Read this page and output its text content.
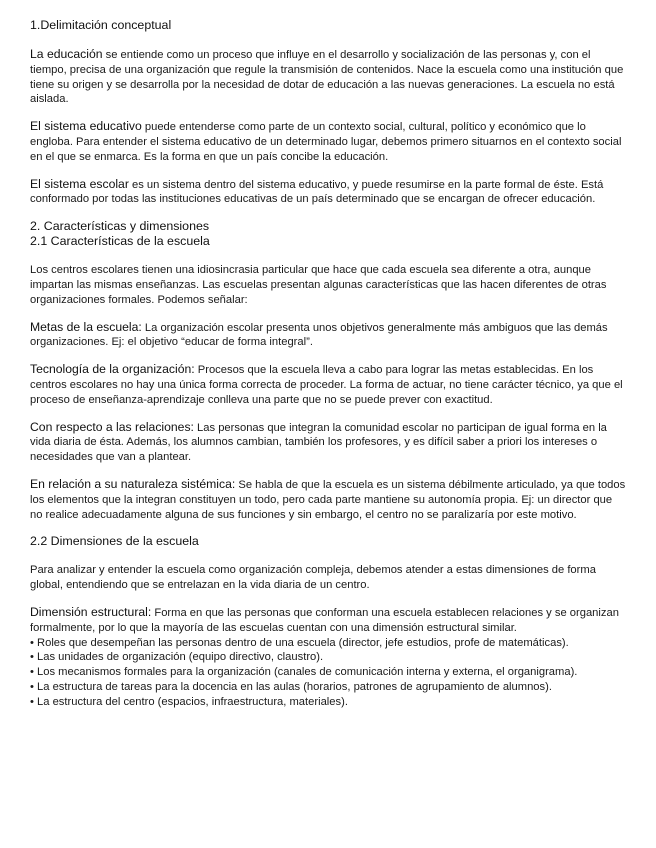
1.Delimitación conceptual

La educación se entiende como un proceso que influye en el desarrollo y socialización de las personas y, con el tiempo, precisa de una organización que regule la transmisión de contenidos. Nace la escuela como una institución que tiene su origen y se desarrolla por la necesidad de dotar de educación a las nuevas generaciones. La escuela no está aislada.

El sistema educativo puede entenderse como parte de un contexto social, cultural, político y económico que lo engloba. Para entender el sistema educativo de un determinado lugar, debemos primero situarnos en el contexto social en el que se enmarca. Es la forma en que un país concibe la educación.

El sistema escolar es un sistema dentro del sistema educativo, y puede resumirse en la parte formal de éste. Está conformado por todas las instituciones educativas de un país determinado que se encargan de ofrecer educación.

2. Características y dimensiones
2.1 Características de la escuela

Los centros escolares tienen una idiosincrasia particular que hace que cada escuela sea diferente a otra, aunque impartan las mismas enseñanzas. Las escuelas presentan algunas características que las hacen diferentes de otras organizaciones formales. Podemos señalar:

Metas de la escuela: La organización escolar presenta unos objetivos generalmente más ambiguos que las demás organizaciones. Ej: el objetivo “educar de forma integral”.

Tecnología de la organización: Procesos que la escuela lleva a cabo para lograr las metas establecidas. En los centros escolares no hay una única forma correcta de proceder. La forma de actuar, no tiene carácter técnico, ya que el proceso de enseñanza-aprendizaje conlleva una parte que no se puede prever con exactitud.

Con respecto a las relaciones: Las personas que integran la comunidad escolar no participan de igual forma en la vida diaria de ésta. Además, los alumnos cambian, también los profesores, y es difícil saber a priori los intereses o necesidades que van a plantear.

En relación a su naturaleza sistémica: Se habla de que la escuela es un sistema débilmente articulado, ya que todos los elementos que la integran constituyen un todo, pero cada parte mantiene su autonomía propia. Ej: un director que no realice adecuadamente alguna de sus funciones y sin embargo, el centro no se paralizaría por este motivo.

2.2 Dimensiones de la escuela

Para analizar y entender la escuela como organización compleja, debemos atender a estas dimensiones de forma global, entendiendo que se entrelazan en la vida diaria de un centro.

Dimensión estructural: Forma en que las personas que conforman una escuela establecen relaciones y se organizan formalmente, por lo que la mayoría de las escuelas cuentan con una dimensión estructural similar.

• Roles que desempeñan las personas dentro de una escuela (director, jefe estudios, profe de matemáticas).
• Las unidades de organización (equipo directivo, claustro).
• Los mecanismos formales para la organización (canales de comunicación interna y externa, el organigrama).
• La estructura de tareas para la docencia en las aulas (horarios, patrones de agrupamiento de alumnos).
• La estructura del centro (espacios, infraestructura, materiales).
